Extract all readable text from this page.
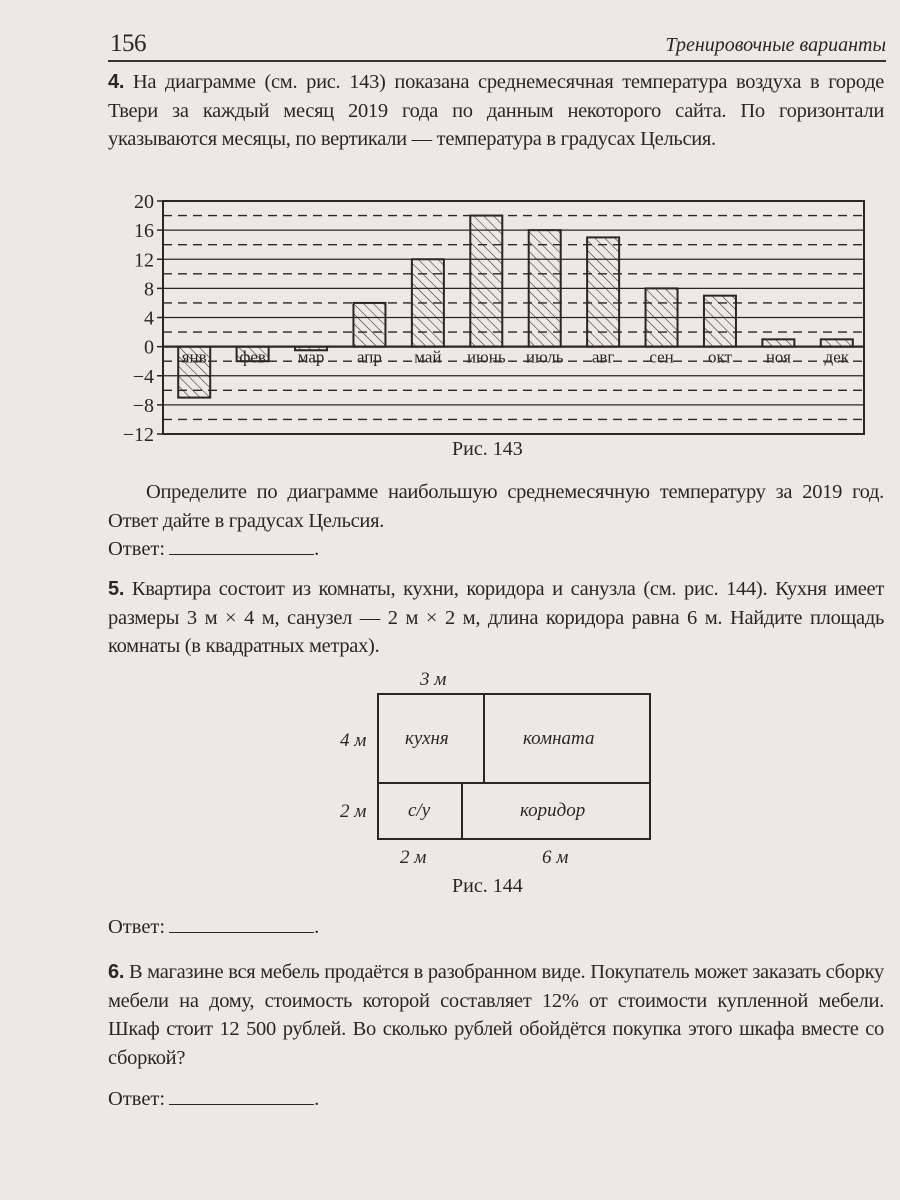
156	Тренировочные варианты
4. На диаграмме (см. рис. 143) показана среднемесячная температура воздуха в городе Твери за каждый месяц 2019 года по данным некоторого сайта. По горизонтали указываются месяцы, по вертикали — температура в градусах Цельсия.
20
16
12
8
4
0
−4
−8
−12
янв фев мар апр май июнь июль авг сен окт ноя дек
Рис. 143
Определите по диаграмме наибольшую среднемесячную температуру за 2019 год. Ответ дайте в градусах Цельсия.
Ответ:	.
5. Квартира состоит из комнаты, кухни, коридора и санузла (см. рис. 144). Кухня имеет размеры 3 м × 4 м, санузел — 2 м × 2 м, длина коридора равна 6 м. Найдите площадь комнаты (в квадратных метрах).
3 м
4 м
2 м
2 м	6 м
кухня	комната
с/у	коридор
Рис. 144
Ответ:	.
6. В магазине вся мебель продаётся в разобранном виде. Покупатель может заказать сборку мебели на дому, стоимость которой составляет 12% от стоимости купленной мебели. Шкаф стоит 12 500 рублей. Во сколько рублей обойдётся покупка этого шкафа вместе со сборкой?
Ответ:	.
